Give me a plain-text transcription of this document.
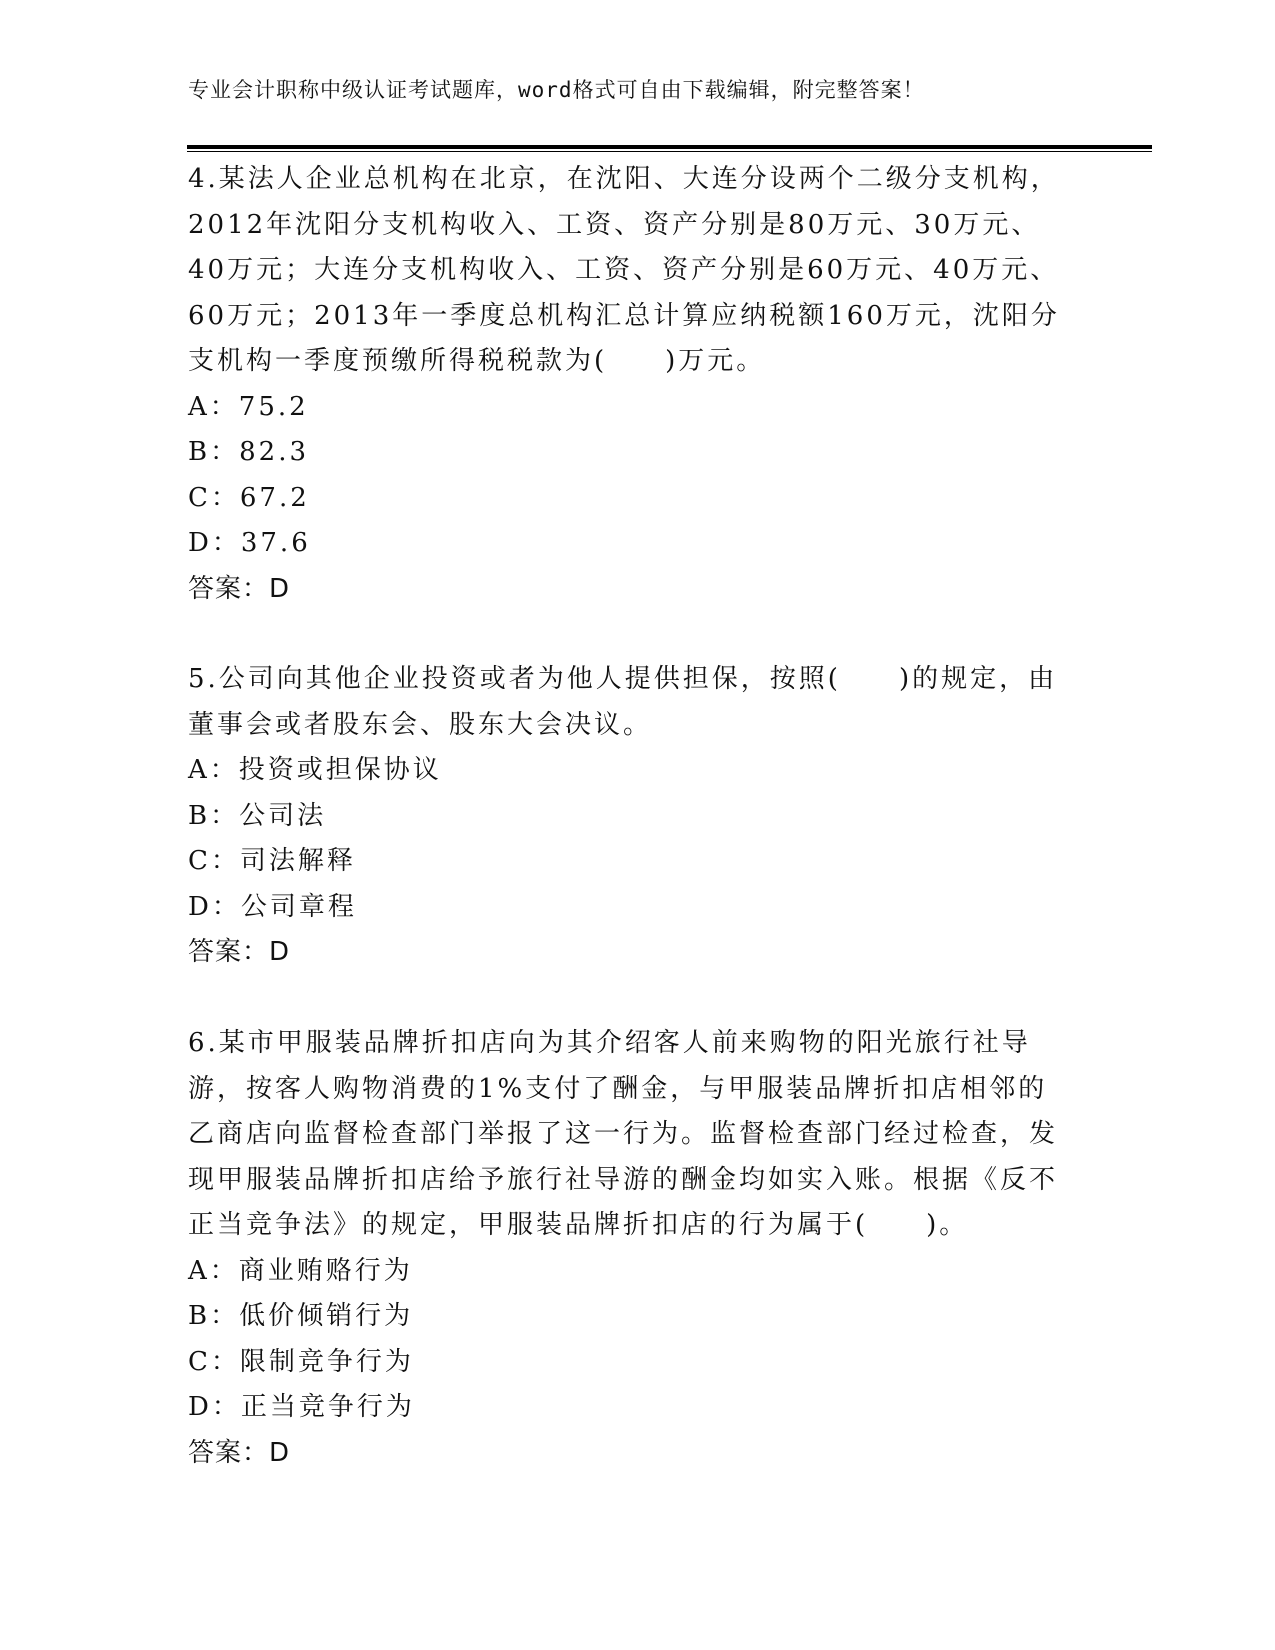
专业会计职称中级认证考试题库，word格式可自由下载编辑，附完整答案！

4.某法人企业总机构在北京，在沈阳、大连分设两个二级分支机构，2012年沈阳分支机构收入、工资、资产分别是80万元、30万元、40万元；大连分支机构收入、工资、资产分别是60万元、40万元、60万元；2013年一季度总机构汇总计算应纳税额160万元，沈阳分支机构一季度预缴所得税税款为(　　)万元。

A：75.2

B：82.3

C：67.2

D：37.6

答案：D

5.公司向其他企业投资或者为他人提供担保，按照(　　)的规定，由董事会或者股东会、股东大会决议。

A：投资或担保协议

B：公司法

C：司法解释

D：公司章程

答案：D

6.某市甲服装品牌折扣店向为其介绍客人前来购物的阳光旅行社导游，按客人购物消费的1%支付了酬金，与甲服装品牌折扣店相邻的乙商店向监督检查部门举报了这一行为。监督检查部门经过检查，发现甲服装品牌折扣店给予旅行社导游的酬金均如实入账。根据《反不正当竞争法》的规定，甲服装品牌折扣店的行为属于(　　)。

A：商业贿赂行为

B：低价倾销行为

C：限制竞争行为

D：正当竞争行为

答案：D
